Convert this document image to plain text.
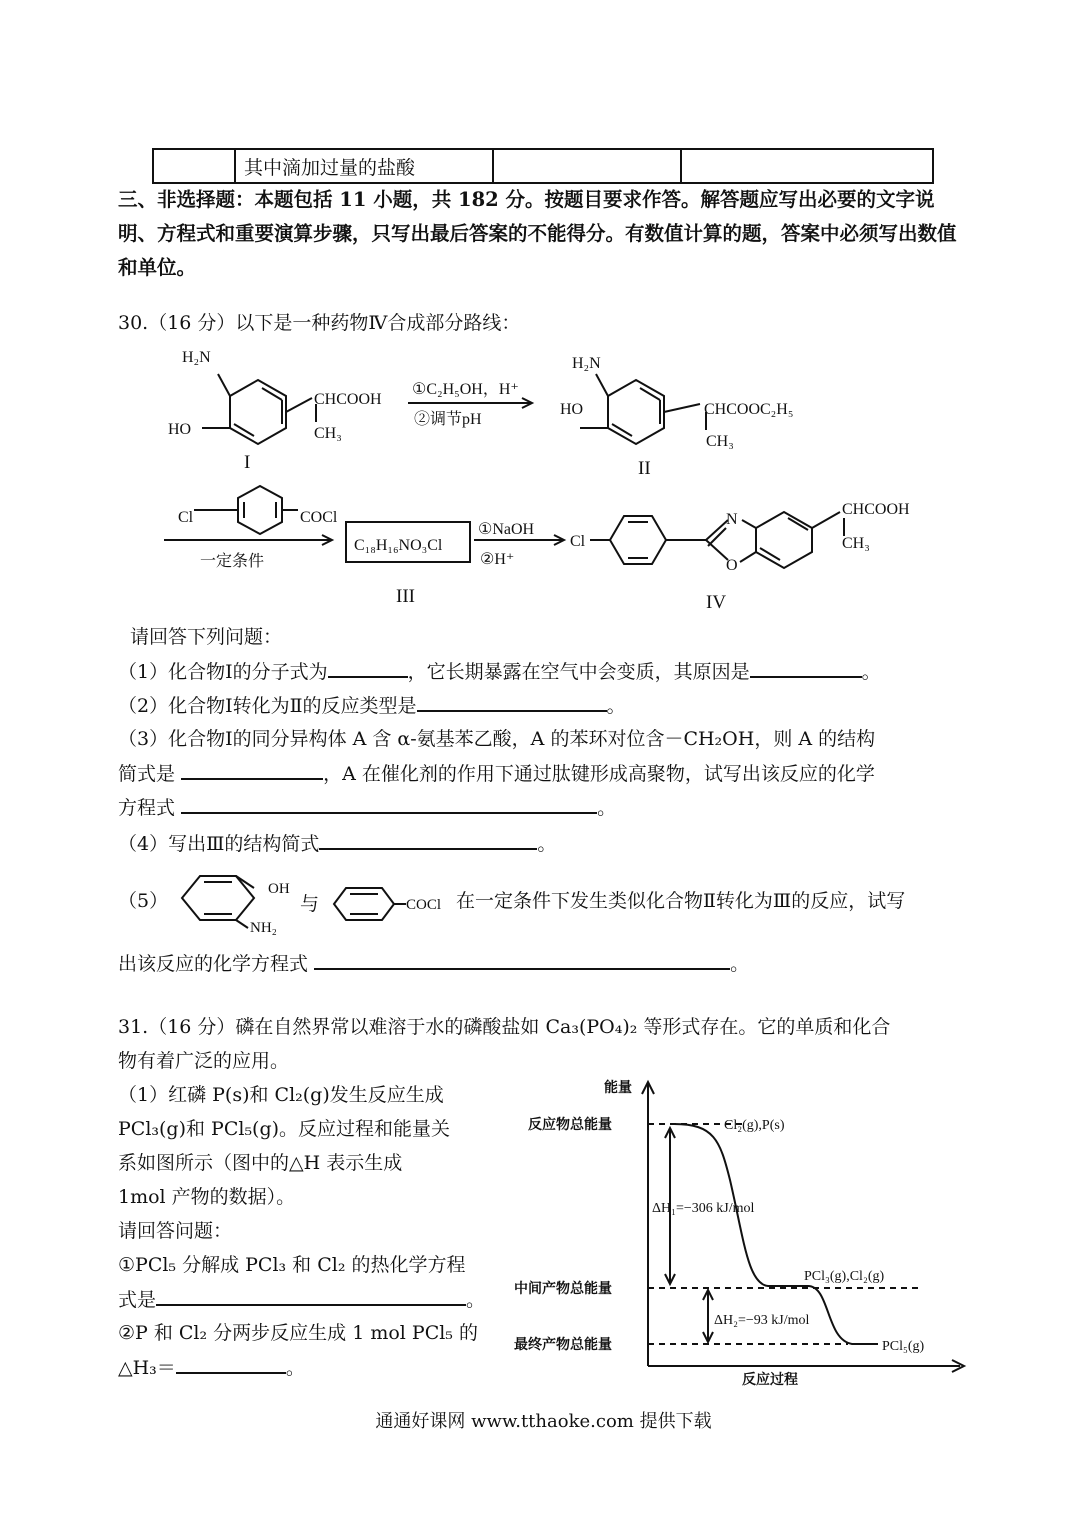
	其中滴加过量的盐酸		
三、非选择题：本题包括 11 小题，共 182 分。按题目要求作答。解答题应写出必要的文字说明、方程式和重要演算步骤，只写出最后答案的不能得分。有数值计算的题，答案中必须写出数值和单位。
30.（16 分）以下是一种药物Ⅳ合成部分路线：
H₂N
HO
CHCOOH
CH₃
I
①C₂H₅OH，H⁺
②调节pH
H₂N
HO	CHCOOC₂H₅
CH₃
II
Cl	COCl
一定条件
C₁₈H₁₆NO₃Cl
III
①NaOH
②H⁺
Cl
N
O
CHCOOH
CH₃
IV
请回答下列问题：
（1）化合物Ⅰ的分子式为	，它长期暴露在空气中会变质，其原因是	。
（2）化合物Ⅰ转化为Ⅱ的反应类型是	。
（3）化合物Ⅰ的同分异构体 A 含 α-氨基苯乙酸，A 的苯环对位含－CH₂OH，则 A 的结构
简式是	，A 在催化剂的作用下通过肽键形成高聚物，试写出该反应的化学
方程式	。
（4）写出Ⅲ的结构简式	。
（5）
OH
NH₂
COCl
与	在一定条件下发生类似化合物Ⅱ转化为Ⅲ的反应，试写
出该反应的化学方程式	。
31.（16 分）磷在自然界常以难溶于水的磷酸盐如 Ca₃(PO₄)₂ 等形式存在。它的单质和化合
物有着广泛的应用。
（1）红磷 P(s)和 Cl₂(g)发生反应生成
PCl₃(g)和 PCl₅(g)。反应过程和能量关
系如图所示（图中的△H 表示生成
1mol 产物的数据）。
请回答问题：
①PCl₅ 分解成 PCl₃ 和 Cl₂ 的热化学方程
式是	。
②P 和 Cl₂ 分两步反应生成 1 mol PCl₅ 的
△H₃＝	。
能量
反应过程
反应物总能量
中间产物总能量
最终产物总能量
Cl₂(g),P(s)
PCl₃(g),Cl₂(g)
PCl₅(g)
ΔH₁=−306 kJ/mol
ΔH₂=−93 kJ/mol
通通好课网 www.tthaoke.com 提供下载
